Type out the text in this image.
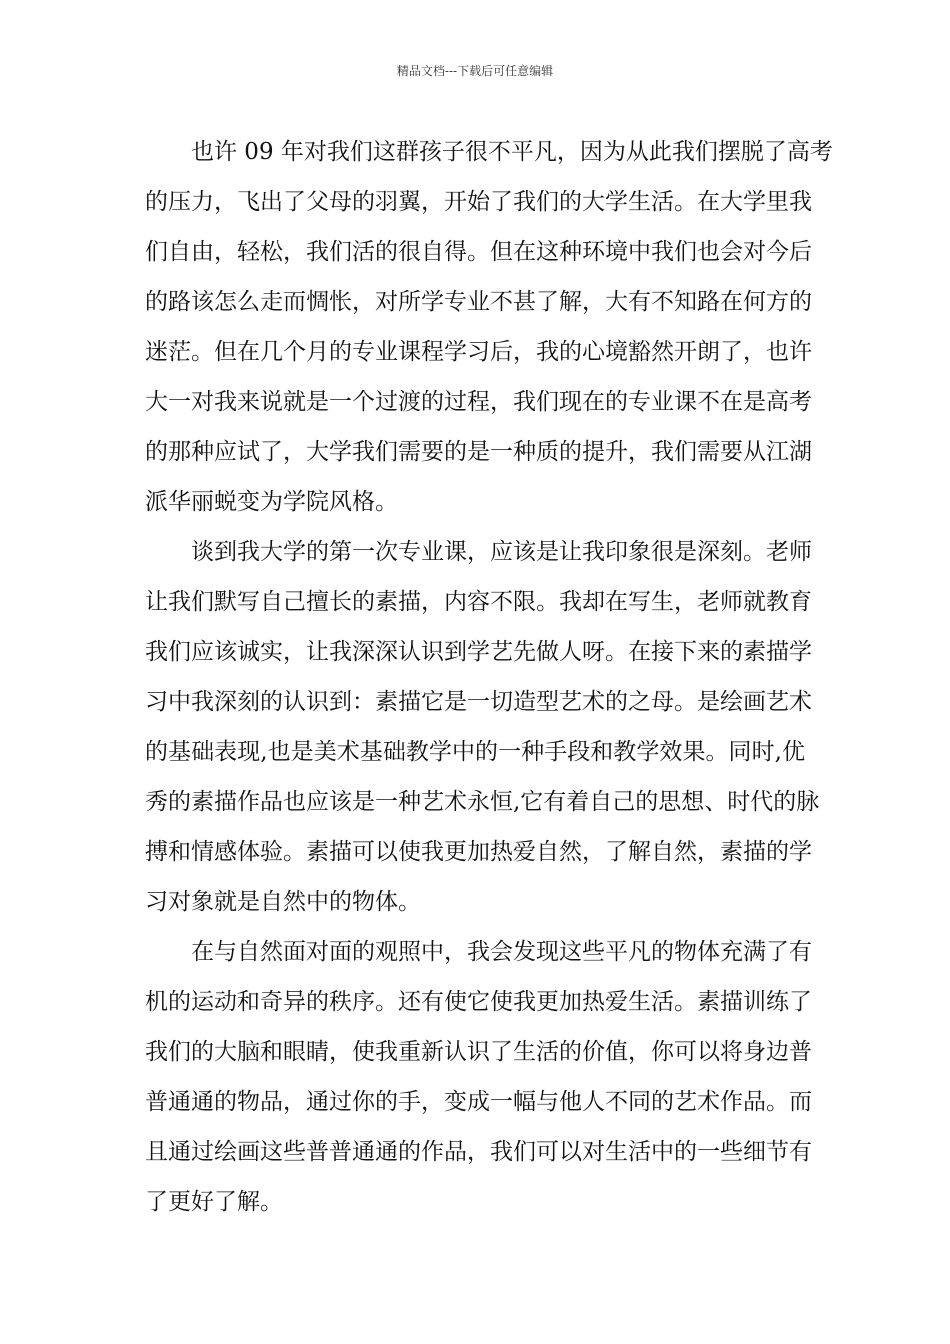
精品文档---下载后可任意编辑
也许 09 年对我们这群孩子很不平凡，因为从此我们摆脱了高考
的压力，飞出了父母的羽翼，开始了我们的大学生活。在大学里我
们自由，轻松，我们活的很自得。但在这种环境中我们也会对今后
的路该怎么走而惆怅，对所学专业不甚了解，大有不知路在何方的
迷茫。但在几个月的专业课程学习后，我的心境豁然开朗了，也许
大一对我来说就是一个过渡的过程，我们现在的专业课不在是高考
的那种应试了，大学我们需要的是一种质的提升，我们需要从江湖
派华丽蜕变为学院风格。
谈到我大学的第一次专业课，应该是让我印象很是深刻。老师
让我们默写自己擅长的素描，内容不限。我却在写生，老师就教育
我们应该诚实，让我深深认识到学艺先做人呀。在接下来的素描学
习中我深刻的认识到：素描它是一切造型艺术的之母。是绘画艺术
的基础表现,也是美术基础教学中的一种手段和教学效果。同时,优
秀的素描作品也应该是一种艺术永恒,它有着自己的思想、时代的脉
搏和情感体验。素描可以使我更加热爱自然，了解自然，素描的学
习对象就是自然中的物体。
在与自然面对面的观照中，我会发现这些平凡的物体充满了有
机的运动和奇异的秩序。还有使它使我更加热爱生活。素描训练了
我们的大脑和眼睛，使我重新认识了生活的价值，你可以将身边普
普通通的物品，通过你的手，变成一幅与他人不同的艺术作品。而
且通过绘画这些普普通通的作品，我们可以对生活中的一些细节有
了更好了解。
